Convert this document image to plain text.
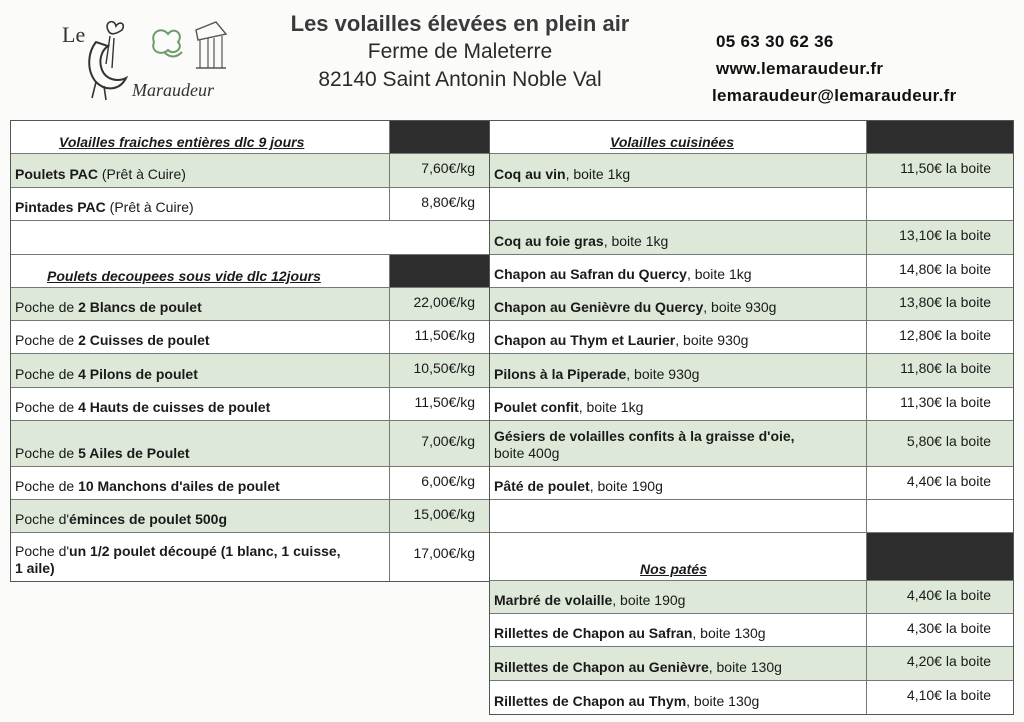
Le
Maraudeur
Les volailles élevées en plein air
Ferme de Maleterre
82140 Saint Antonin Noble Val
05 63 30 62 36
www.lemaraudeur.fr
lemaraudeur@lemaraudeur.fr
Volailles fraiches entières dlc 9 jours
Poulets PAC (Prêt à Cuire)	7,60€/kg
Pintades PAC (Prêt à Cuire)	8,80€/kg
Poulets decoupees sous vide dlc 12jours
Poche de 2 Blancs de poulet	22,00€/kg
Poche de 2 Cuisses de poulet	11,50€/kg
Poche de 4 Pilons de poulet	10,50€/kg
Poche de 4 Hauts de cuisses de poulet	11,50€/kg
Poche de 5 Ailes de Poulet
7,00€/kg
Poche de 10 Manchons d'ailes de poulet	6,00€/kg
Poche d'éminces de poulet 500g	15,00€/kg
Poche d'un 1/2 poulet découpé (1 blanc, 1 cuisse,
1 aile)
17,00€/kg
Volailles cuisinées
Coq au vin, boite 1kg	11,50€ la boite
Coq au foie gras, boite 1kg	13,10€ la boite
Chapon au Safran du Quercy, boite 1kg	14,80€ la boite
Chapon au Genièvre du Quercy, boite 930g	13,80€ la boite
Chapon au Thym et Laurier, boite 930g	12,80€ la boite
Pilons à la Piperade, boite 930g	11,80€ la boite
Poulet confit, boite 1kg	11,30€ la boite
Gésiers de volailles confits à la graisse d'oie,
boite 400g
5,80€ la boite
Pâté de poulet, boite 190g	4,40€ la boite
Nos patés
Marbré de volaille, boite 190g	4,40€ la boite
Rillettes de Chapon au Safran, boite 130g	4,30€ la boite
Rillettes de Chapon au Genièvre, boite 130g	4,20€ la boite
Rillettes de Chapon au Thym, boite 130g	4,10€ la boite
